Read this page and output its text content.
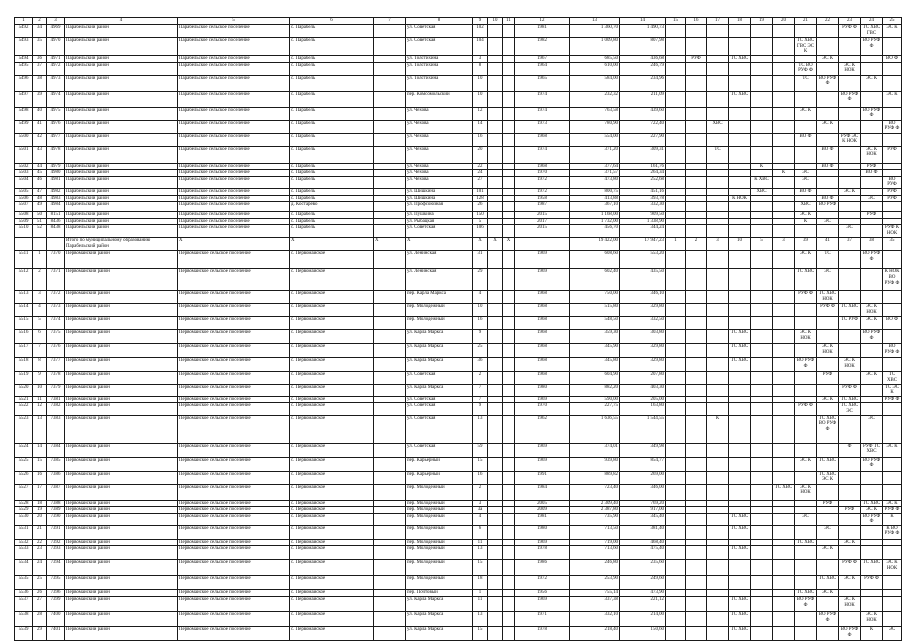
1	2	3	4	5	6	7	8	9	10	11	12	13	14	15	16	17	18	19	20	21	22	23	24	25
5492	34	4969	Парабельский район	Парабельское сельское поселение	с. Парабель		ул. Советская	102			1981	1 360,70	1 490,73									РУФ Ф	ТС ХВС ГВС	ЭС К
5493	35	4970	Парабельский район	Парабельское сельское поселение	с. Парабель		ул. Советская	104			1982	1 009,80	807,98							ТС ХВС ГВС ЭС К			ВО РУФ Ф	
5494	36	4971	Парабельский район	Парабельское сельское поселение	с. Парабель		ул. Толстихина	3			1967	685,50	436,68		РУФ		ТС ХВС				ЭС К			ВО Ф
5495	37	4972	Парабельский район	Парабельское сельское поселение	с. Парабель		ул. Толстихина	8			1964	610,00	246,79							ТС ВО РУФ Ф		ЭС К НОК		
5496	38	4973	Парабельский район	Парабельское сельское поселение	с. Парабель		ул. Толстихина	10			1965	584,00	234,96							ТС	ВО РУФ Ф		ЭС К	
5497	39	4974	Парабельский район	Парабельское сельское поселение	с. Парабель		пер. Комсомольский	10			1974	232,32	211,09				ТС ХВС					ВО РУФ Ф		ЭС К
5498	40	4975	Парабельский район	Парабельское сельское поселение	с. Парабель		ул. Чехова	12			1974	763,58	439,60							ЭС К			ВО РУФ Ф	
5499	41	4976	Парабельский район	Парабельское сельское поселение	с. Парабель		ул. Чехова	14			1973	780,90	722,40			ХВС					ЭС К			ВО РУФ Ф
5500	42	4977	Парабельский район	Парабельское сельское поселение	с. Парабель		ул. Чехова	16			1968	554,00	227,90							ВО Ф		РУФ ЭС К НОК		
5501	43	4978	Парабельский район	Парабельское сельское поселение	с. Парабель		ул. Чехова	20			1974	371,20	309,31			ТС					ВО Ф		ЭС К НОК	РУФ
5502	44	4979	Парабельский район	Парабельское сельское поселение	с. Парабель		ул. Чехова	22			1968	377,64	161,76					К			ВО Ф		РУФ	
5503	45	4980	Парабельский район	Парабельское сельское поселение	с. Парабель		ул. Чехова	24			1970	371,57	264,34						К	ЭС			ВО Ф	
5504	46	4981	Парабельский район	Парабельское сельское поселение	с. Парабель		ул. Чехова	27			1972	473,80	252,68					К ХВС		ЭС				ВО РУФ
5505	47	4982	Парабельский район	Парабельское сельское поселение	с. Парабель		ул. Шишкина	101			1972	800,75	451,16					ХВС		ВО Ф		ЭС К		РУФ
5506	48	4983	Парабельский район	Парабельское сельское поселение	с. Парабель		ул. Шишкина	128			1958	413,88	393,78				К НОК				ВО Ф		ЭС	РУФ
5507	49	4984	Парабельский район	Парабельское сельское поселение	д. Костарево		ул. Профсоюзная	26			1987	367,10	332,30							ХВС	ВО РУФ			
5508	50	8151	Парабельский район	Парабельское сельское поселение	с. Парабель		ул. Пушкина	150			2015	1 168,00	909,50							ЭС К			РУФ	
5509	51	8436	Парабельский район	Парабельское сельское поселение	с. Парабель		ул. Рыбацкая	5			2017	1 732,00	1 338,90							К	ЭС			
5510	52	8438	Парабельский район	Парабельское сельское поселение	с. Парабель		ул. Советская	106			2015	456,70	344,24									ЭС		РУФ К НОК
			Итого по муниципальному образованию Парабельский район	X	X	X	X	X	X	X		19 422,00	17 947,23	1	2	3	10	5	3	39	41	37	38	35
5511	1	7370	Первомайский район	Первомайское сельское поселение	с. Первомайское		ул. Ленинская	31			1969	608,60	553,20							ЭС К	ТС		ВО РУФ Ф	
5512	2	7371	Первомайский район	Первомайское сельское поселение	с. Первомайское		ул. Ленинская	29			1969	602,40	435,50							ТС ХВС	ЭС			К НОК ВО РУФ Ф
5513	3	7372	Первомайский район	Первомайское сельское поселение	с. Первомайское		пер. Карла Маркса	4			1968	750,00	346,10							РУФ Ф	ТС ХВС НОК			
5514	4	7373	Первомайский район	Первомайское сельское поселение	с. Первомайское		пер. Молодежный	10			1968	515,80	329,80								РУФ Ф	ТС ХВС	ЭС К НОК	
5515	5	7374	Первомайский район	Первомайское сельское поселение	с. Первомайское		пер. Молодежный	16			1968	548,50	332,50									ТС РУФ	ЭС К	ВО Ф
5516	6	7375	Первомайский район	Первомайское сельское поселение	с. Первомайское		ул. Карла Маркса	9			1968	359,30	303,80				ТС ХВС			ЭС К НОК			ВО РУФ Ф	
5517	7	7376	Первомайский район	Первомайское сельское поселение	с. Первомайское		ул. Карла Маркса	25			1968	345,90	329,80				ТС ХВС				ЭС К НОК			ВО РУФ Ф
5518	8	7377	Первомайский район	Первомайское сельское поселение	с. Первомайское		ул. Карла Маркса	36			1968	345,80	329,80				ТС ХВС			ВО РУФ Ф		ЭС К НОК		
5519	9	7378	Первомайский район	Первомайское сельское поселение	с. Первомайское		ул. Советская	2			1968	604,90	207,80								РУФ		ЭС К	ТС ХВС
5520	10	7379	Первомайский район	Первомайское сельское поселение	с. Первомайское		ул. Карла Маркса	7			1980	882,20	403,30									РУФ Ф		ТС ЭС К
5521	11	7381	Первомайский район	Первомайское сельское поселение	с. Первомайское		ул. Советская	7			1969	590,00	205,00								ЭС К	ТС ХВС		РУФ Ф
5522	12	7382	Первомайский район	Первомайское сельское поселение	с. Первомайское		ул. Советская	9			1970	227,75	163,80							РУФ Ф		ТС ХВС ЭС		
5523	13	7383	Первомайский район	Первомайское сельское поселение	с. Первомайское		ул. Советская	13			1962	1 636,55	1 544,55			К					ТС ХВС ВО РУФ Ф		ЭС	
5524	14	7384	Первомайский район	Первомайское сельское поселение	с. Первомайское		ул. Советская	59			1969	374,01	349,98									Ф	РУФ ТС ХВС	ЭС К
5525	15	7385	Первомайский район	Первомайское сельское поселение	с. Первомайское		пер. Карьерный	15			1969	939,80	854,77							ЭС К	ТС ХВС		ВО РУФ Ф	
5526	16	7386	Первомайский район	Первомайское сельское поселение	с. Первомайское		пер. Карьерный	16			1991	889,82	269,00								ТС ХВС ЭС К			
5527	17	7387	Первомайский район	Первомайское сельское поселение	с. Первомайское		пер. Молодежный	2			1984	723,40	346,00						ТС ХВС	ЭС К НОК				
5528	18	7388	Первомайский район	Первомайское сельское поселение	с. Первомайское		пер. Молодежный	3			2005	2 309,40	769,20								РУФ		ТС ХВС	ЭС К
5529	19	7389	Первомайский район	Первомайское сельское поселение	с. Первомайское		пер. Молодежный	3а			2009	2 387,80	917,00									РУФ	ЭС К	РУФ Ф
5530	20	7390	Первомайский район	Первомайское сельское поселение	с. Первомайское		пер. Молодежный	4			1981	735,90	345,40				ТС ХВС			ЭС			ВО РУФ Ф	К
5531	21	7391	Первомайский район	Первомайское сельское поселение	с. Первомайское		пер. Молодежный	6			1980	713,50	381,40				ТС ХВС				ЭС			К ВО РУФ Ф
5532	22	7392	Первомайский район	Первомайское сельское поселение	с. Первомайское		пер. Молодежный	11			1969	719,00	468,40							ТС ХВС		ЭС К		
5533	23	7393	Первомайский район	Первомайское сельское поселение	с. Первомайское		пер. Молодежный	13			1978	713,60	475,40				ТС ХВС				ЭС К			
5534	24	7394	Первомайский район	Первомайское сельское поселение	с. Первомайское		пер. Молодежный	15			1986	246,80	235,60									РУФ Ф	ТС ХВС	ЭС К НОК
5535	25	7395	Первомайский район	Первомайское сельское поселение	с. Первомайское		пер. Молодежный	18			1972	253,90	249,60								ТС ХВС	ЭС К	РУФ Ф	
5536	26	7396	Первомайский район	Первомайское сельское поселение	с. Первомайское		пер. Почтовый	1			1956	755,14	473,90							ТС ХВС	ЭС К			
5537	27	7399	Первомайский район	Первомайское сельское поселение	с. Первомайское		ул. Карла Маркса	11			1969	337,38	221,12				ТС ХВС			ВО РУФ Ф		ЭС К НОК		
5538	28	7400	Первомайский район	Первомайское сельское поселение	с. Первомайское		ул. Карла Маркса	13			1971	332,10	214,00				ТС ХВС				ВО РУФ Ф		ЭС К НОК	
5539	29	7401	Первомайский район	Первомайское сельское поселение	с. Первомайское		ул. Карла Маркса	15			1978	218,40	150,60				ТС ХВС					ВО РУФ Ф	К	ЭС
